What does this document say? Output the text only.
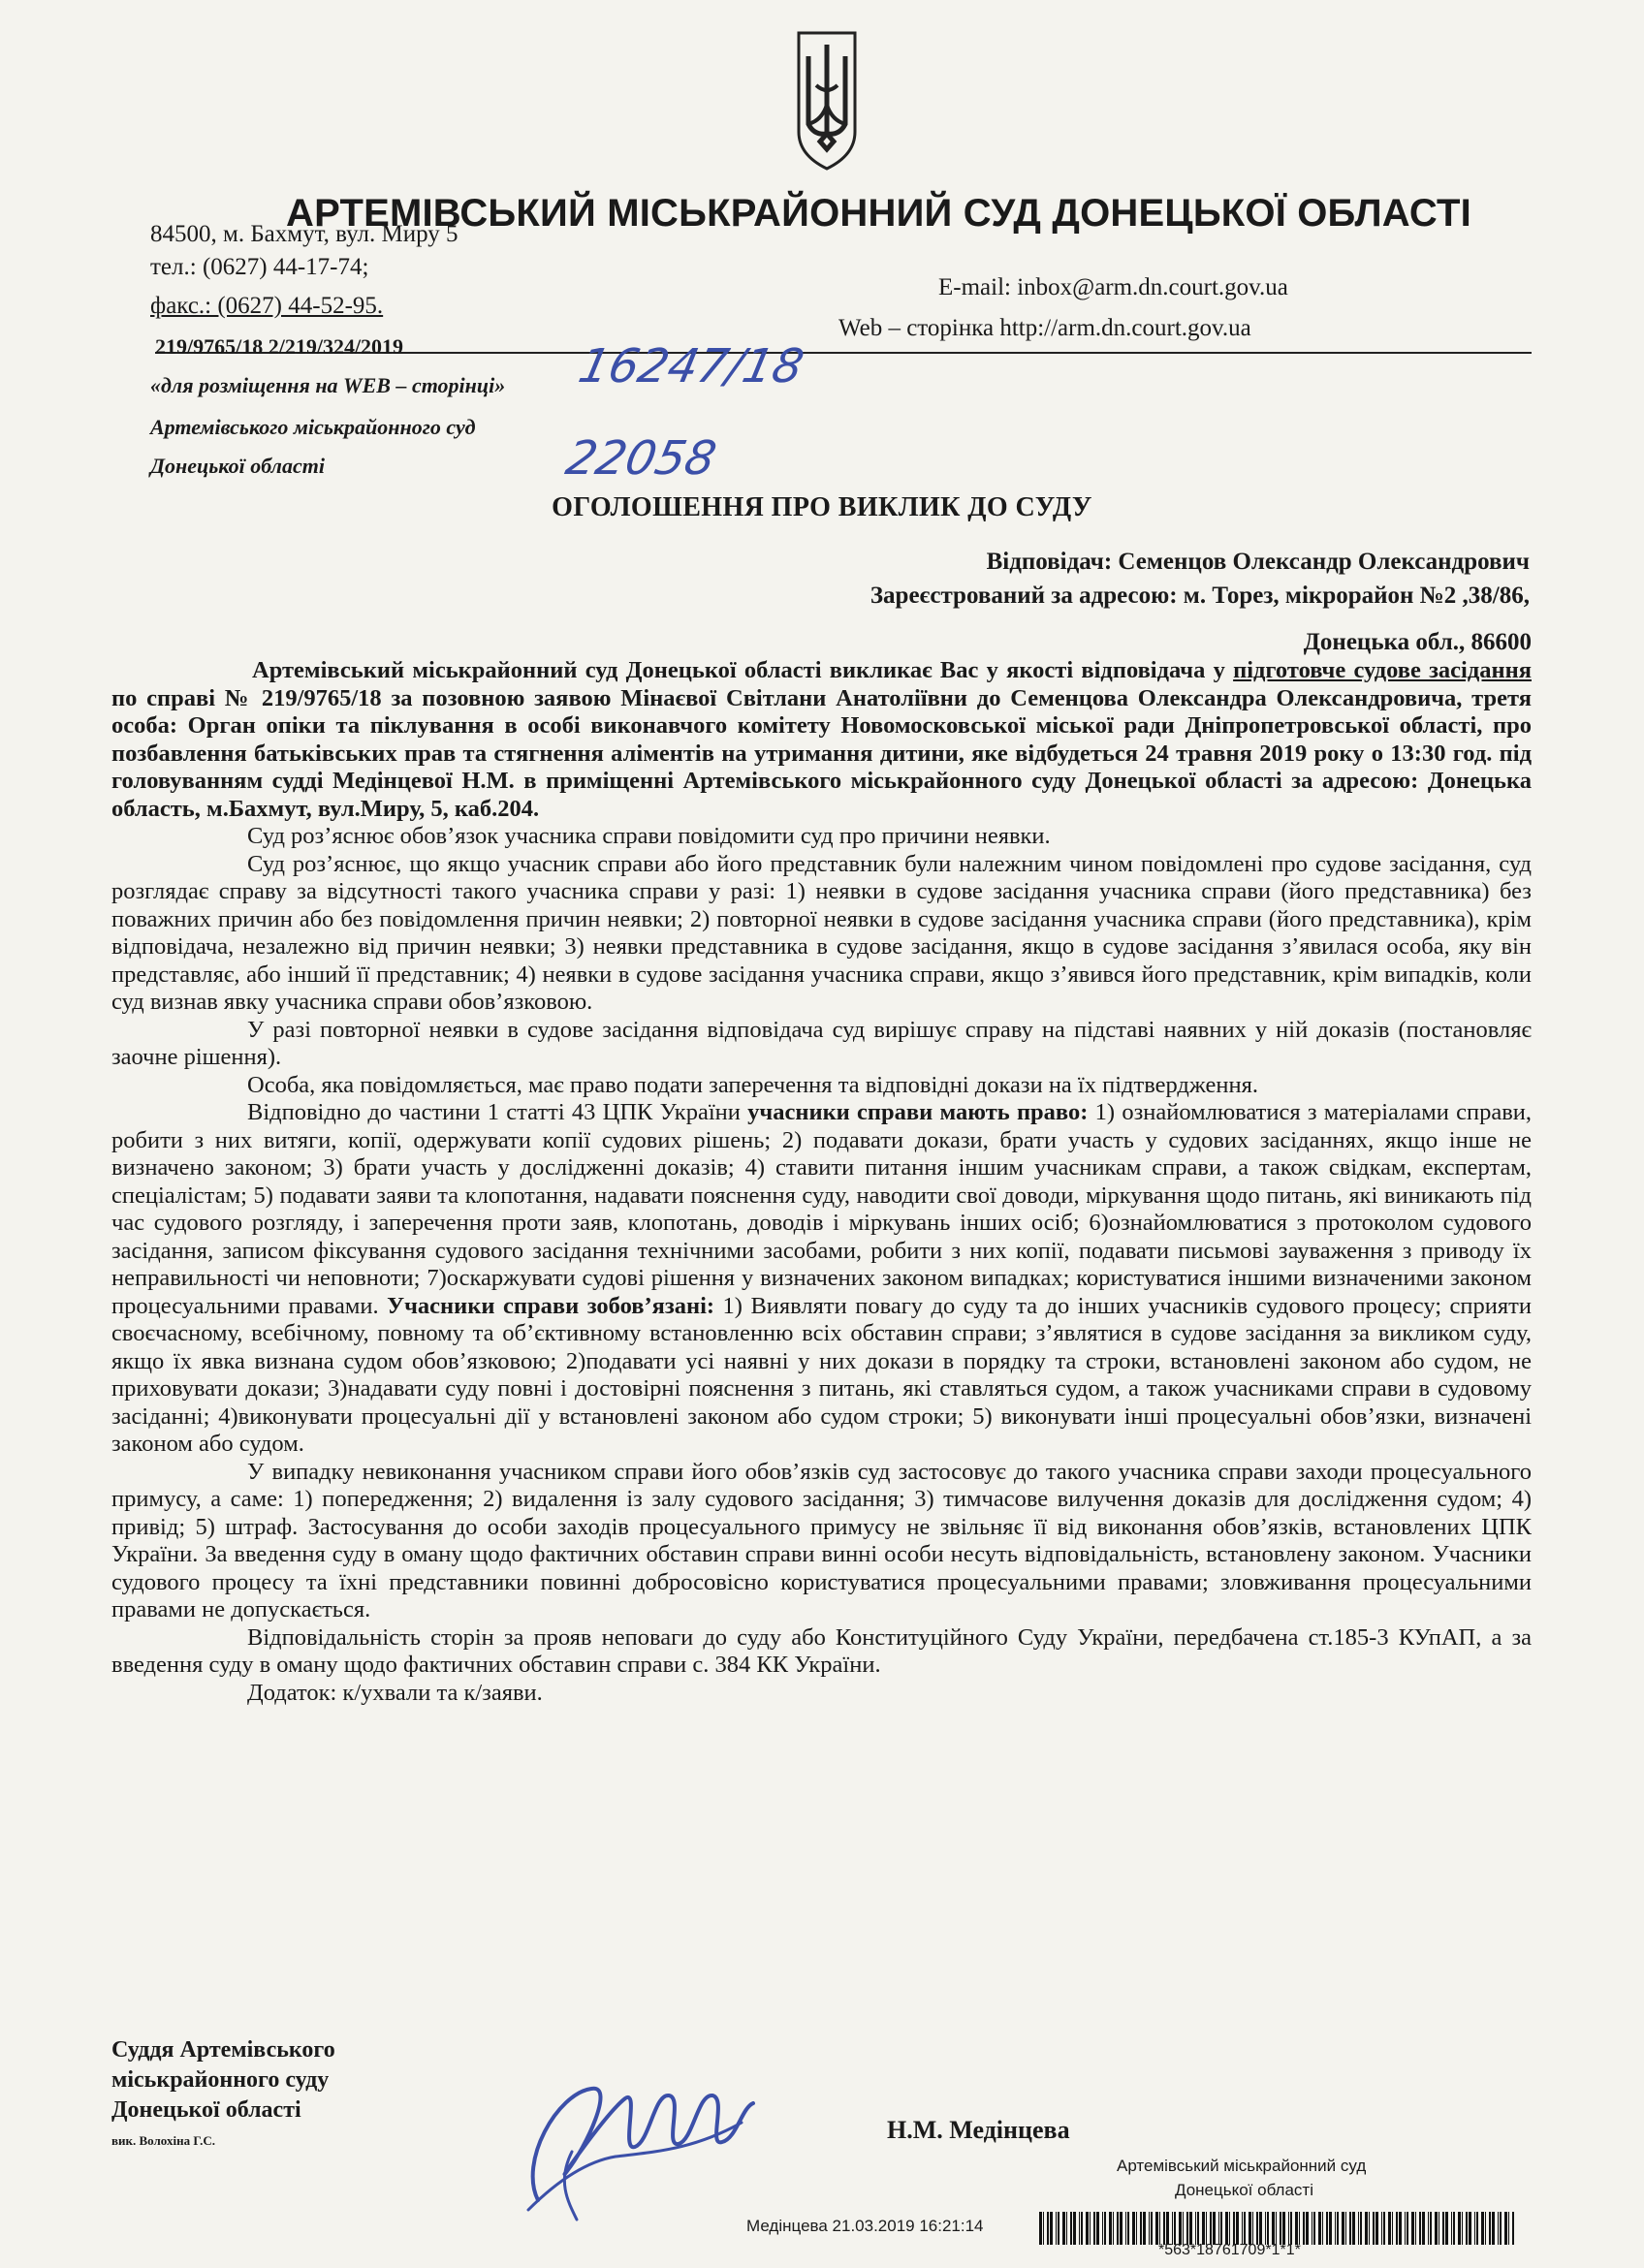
АРТЕМІВСЬКИЙ МІСЬКРАЙОННИЙ СУД ДОНЕЦЬКОЇ ОБЛАСТІ
84500, м. Бахмут, вул. Миру 5
тел.: (0627) 44-17-74;
факс.: (0627) 44-52-95.
E-mail: inbox@arm.dn.court.gov.ua
Web – сторінка http://arm.dn.court.gov.ua
219/9765/18 2/219/324/2019
«для розміщення на WEB – сторінці»
Артемівського міськрайонного суд
Донецької області
16247/18
22058
ОГОЛОШЕННЯ ПРО ВИКЛИК ДО СУДУ
Відповідач: Семенцов Олександр Олександрович
Зареєстрований за адресою: м. Торез, мікрорайон №2 ,38/86,
Донецька обл., 86600

Артемівський міськрайонний суд Донецької області викликає Вас у якості відповідача у підготовче судове засідання по справі № 219/9765/18 за позовною заявою Мінаєвої Світлани Анатоліївни до Семенцова Олександра Олександровича, третя особа: Орган опіки та піклування в особі виконавчого комітету Новомосковської міської ради Дніпропетровської області, про позбавлення батьківських прав та стягнення аліментів на утримання дитини, яке відбудеться 24 травня 2019 року о 13:30 год. під головуванням судді Медінцевої Н.М. в приміщенні Артемівського міськрайонного суду Донецької області за адресою: Донецька область, м.Бахмут, вул.Миру, 5, каб.204.

Суд роз’яснює обов’язок учасника справи повідомити суд про причини неявки.

Суд роз’яснює, що якщо учасник справи або його представник були належним чином повідомлені про судове засідання, суд розглядає справу за відсутності такого учасника справи у разі: 1) неявки в судове засідання учасника справи (його представника) без поважних причин або без повідомлення причин неявки; 2) повторної неявки в судове засідання учасника справи (його представника), крім відповідача, незалежно від причин неявки; 3) неявки представника в судове засідання, якщо в судове засідання з’явилася особа, яку він представляє, або інший її представник; 4) неявки в судове засідання учасника справи, якщо з’явився його представник, крім випадків, коли суд визнав явку учасника справи обов’язковою.

У разі повторної неявки в судове засідання відповідача суд вирішує справу на підставі наявних у ній доказів (постановляє заочне рішення).

Особа, яка повідомляється, має право подати заперечення та відповідні докази на їх підтвердження.

Відповідно до частини 1 статті 43 ЦПК України учасники справи мають право: 1) ознайомлюватися з матеріалами справи, робити з них витяги, копії, одержувати копії судових рішень; 2) подавати докази, брати участь у судових засіданнях, якщо інше не визначено законом; 3) брати участь у дослідженні доказів; 4) ставити питання іншим учасникам справи, а також свідкам, експертам, спеціалістам; 5) подавати заяви та клопотання, надавати пояснення суду, наводити свої доводи, міркування щодо питань, які виникають під час судового розгляду, і заперечення проти заяв, клопотань, доводів і міркувань інших осіб; 6)ознайомлюватися з протоколом судового засідання, записом фіксування судового засідання технічними засобами, робити з них копії, подавати письмові зауваження з приводу їх неправильності чи неповноти; 7)оскаржувати судові рішення у визначених законом випадках; користуватися іншими визначеними законом процесуальними правами. Учасники справи зобов’язані: 1) Виявляти повагу до суду та до інших учасників судового процесу; сприяти своєчасному, всебічному, повному та об’єктивному встановленню всіх обставин справи; з’являтися в судове засідання за викликом суду, якщо їх явка визнана судом обов’язковою; 2)подавати усі наявні у них докази в порядку та строки, встановлені законом або судом, не приховувати докази; 3)надавати суду повні і достовірні пояснення з питань, які ставляться судом, а також учасниками справи в судовому засіданні; 4)виконувати процесуальні дії у встановлені законом або судом строки; 5) виконувати інші процесуальні обов’язки, визначені законом або судом.

У випадку невиконання учасником справи його обов’язків суд застосовує до такого учасника справи заходи процесуального примусу, а саме: 1) попередження; 2) видалення із залу судового засідання; 3) тимчасове вилучення доказів для дослідження судом; 4) привід; 5) штраф. Застосування до особи заходів процесуального примусу не звільняє її від виконання обов’язків, встановлених ЦПК України. За введення суду в оману щодо фактичних обставин справи винні особи несуть відповідальність, встановлену законом. Учасники судового процесу та їхні представники повинні добросовісно користуватися процесуальними правами; зловживання процесуальними правами не допускається.

Відповідальність сторін за прояв неповаги до суду або Конституційного Суду України, передбачена ст.185-3 КУпАП, а за введення суду в оману щодо фактичних обставин справи с. 384 КК України.

Додаток: к/ухвали та к/заяви.

Суддя Артемівського
міськрайонного суду
Донецької області
вик. Волохіна Г.С.	Н.М. Медінцева
Артемівський міськрайонний суд
Донецької області
Медінцева 21.03.2019 16:21:14
*563*18761709*1*1*
